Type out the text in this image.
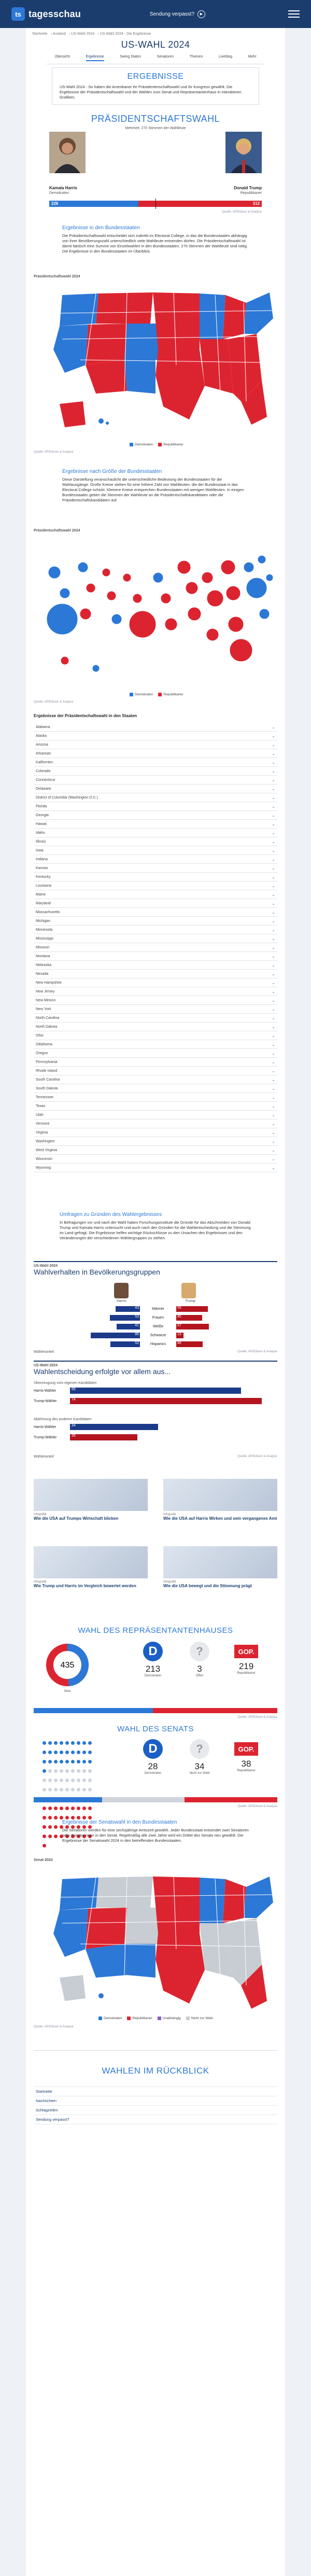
ts tagesschau	Sendung verpasst?	▶
Startseite › Ausland › US-Wahl 2024 › US-Wahl 2024 - Die Ergebnisse
US-WAHL 2024
Übersicht	Ergebnisse	Swing States	Senatoren	Themen	Liveblog	Mehr
ERGEBNISSE
US-Wahl 2024 - So haben die Amerikaner ihr Präsidentenschaftswahl und ihr Kongress gewählt. Die Ergebnisse der Präsidentschaftswahl und der Wahlen zum Senat und Repräsentantenhaus in interaktiven Grafiken.
PRÄSIDENTSCHAFTSWAHL
Mehrheit: 270 Stimmen der Wahlleute
Kamala Harris
Demokraten
Donald Trump
Republikaner
226	312
Quelle: AP/Edison & Analyse
Ergebnisse in den Bundesstaaten
Die Präsidentschaftswahl entscheidet sich indirekt im Electoral College, in das die Bundesstaaten abhängig von ihrer Bevölkerungszahl unterschiedlich viele Wahlleute entsenden dürfen. Die Präsidentschaftswahl ist damit faktisch eine Summe von Einzelwahlen in den Bundesstaaten. 270 Stimmen der Wahlleute sind nötig. Die Ergebnisse in den Bundesstaaten im Überblick.
Präsidentschaftswahl 2024
Demokraten	Republikaner
Quelle: AP/Edison & Analyse
Ergebnisse nach Größe der Bundesstaaten
Diese Darstellung veranschaulicht die unterschiedliche Bedeutung der Bundesstaaten für die Wahlausgänge. Große Kreise stehen für eine höhere Zahl von Wahlleuten, die der Bundesstaat in das Electoral College schickt. Kleinere Kreise entsprechen Bundesstaaten mit wenigen Wahlleuten. In einigen Bundesstaaten geben die Stimmen der Wahlleute an die Präsidentschaftskandidaten oder die Präsidentschaftskandidaten auf.
Präsidentschaftswahl 2024
Demokraten	Republikaner
Quelle: AP/Edison & Analyse
Ergebnisse der Präsidentschaftswahl in den Staaten
Alabama	⌄
Alaska	⌄
Arizona	⌄
Arkansas	⌄
Kalifornien	⌄
Colorado	⌄
Connecticut	⌄
Delaware	⌄
District of Columbia (Washington D.C.)	⌄
Florida	⌄
Georgia	⌄
Hawaii	⌄
Idaho	⌄
Illinois	⌄
Iowa	⌄
Indiana	⌄
Kansas	⌄
Kentucky	⌄
Louisiana	⌄
Maine	⌄
Maryland	⌄
Massachusetts	⌄
Michigan	⌄
Minnesota	⌄
Mississippi	⌄
Missouri	⌄
Montana	⌄
Nebraska	⌄
Nevada	⌄
New Hampshire	⌄
New Jersey	⌄
New Mexico	⌄
New York	⌄
North Carolina	⌄
North Dakota	⌄
Ohio	⌄
Oklahoma	⌄
Oregon	⌄
Pennsylvania	⌄
Rhode Island	⌄
South Carolina	⌄
South Dakota	⌄
Tennessee	⌄
Texas	⌄
Utah	⌄
Vermont	⌄
Virginia	⌄
Washington	⌄
West Virginia	⌄
Wisconsin	⌄
Wyoming	⌄
Umfragen zu Gründen des Wahlergebnisses
In Befragungen vor und nach der Wahl haben Forschungsinstitute die Gründe für das Abschneiden von Donald Trump und Kamala Harris untersucht und auch nach den Gründen für die Wahlentscheidung und die Stimmung im Land gefragt. Die Ergebnisse helfen wichtige Rückschlüsse zu den Ursachen des Ergebnisses und den Veränderungen der verschiedenen Wählergruppen zu ziehen.
US-Wahl 2024
Wahlverhalten in Bevölkerungsgruppen
Harris	Trump
43	Männer	55
53	Frauen	45
41	Weiße	57
86	Schwarze	13
52	Hispanics	46
Wähleranteil	Quelle: AP/Edison & Analyse
US-Wahl 2024
Wahlentscheidung erfolgte vor allem aus...
Überzeugung vom eigenen Kandidaten
Ablehnung des anderen Kandidaten
Harris-Wähler	66
Trump-Wähler	74
Harris-Wähler	34
Trump-Wähler	26
Wähleranteil	Quelle: AP/Edison & Analyse
Infografik
Wie die USA auf Trumps Wirtschaft blicken
Infografik
Wie die USA auf Harris Wirken und sein vergangenes Amt
Infografik
Wie Trump und Harris im Vergleich bewertet werden
Infografik
Wie die USA bewegt und die Stimmung prägt
WAHL DES REPRÄSENTANTENHAUSES
435
Sitze
D
213
Demokraten
?
3
Offen
GOP.
219
Republikaner
Quelle: AP/Edison & Analyse
WAHL DES SENATS
D
28
Demokraten
?
34
Nicht zur Wahl
GOP.
38
Republikaner
Quelle: AP/Edison & Analyse
Ergebnisse der Senatswahl in den Bundesstaaten
Die Senatoren werden für eine sechsjährige Amtszeit gewählt. Jeder Bundesstaat entsendet zwei Senatoren oder Senatorinnen in den Senat. Regelmäßig alle zwei Jahre wird ein Drittel des Senats neu gewählt. Die Ergebnisse der Senatswahl 2024 in den betreffenden Bundesstaaten.
Senat 2024
Demokraten	Republikaner	Unabhängig	Nicht zur Wahl
Quelle: AP/Edison & Analyse
WAHLEN IM RÜCKBLICK
Startseite
Nachrichten
Schlagzeilen
Sendung verpasst?
